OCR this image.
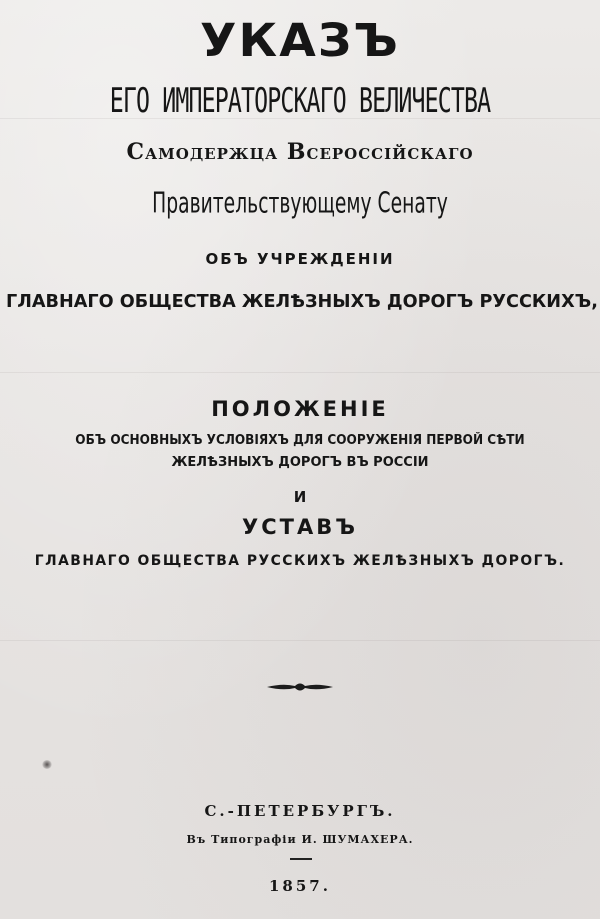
УКАЗЪ
ЕГО ИМПЕРАТОРСКАГО ВЕЛИЧЕСТВА
Самодержца Всероссійскаго
Правительствующему Сенату
ОБЪ УЧРЕЖДЕНІИ
ГЛАВНАГО ОБЩЕСТВА ЖЕЛѢЗНЫХЪ ДОРОГЪ РУССКИХЪ,
ПОЛОЖЕНІЕ
ОБЪ ОСНОВНЫХЪ УСЛОВІЯХЪ ДЛЯ СООРУЖЕНІЯ ПЕРВОЙ СѢТИ
ЖЕЛѢЗНЫХЪ ДОРОГЪ ВЪ РОССІИ
И
УСТАВЪ
ГЛАВНАГО ОБЩЕСТВА РУССКИХЪ ЖЕЛѢЗНЫХЪ ДОРОГЪ.
С.-ПЕТЕРБУРГЪ.
Въ Типографіи И. ШУМАХЕРА.
1857.
